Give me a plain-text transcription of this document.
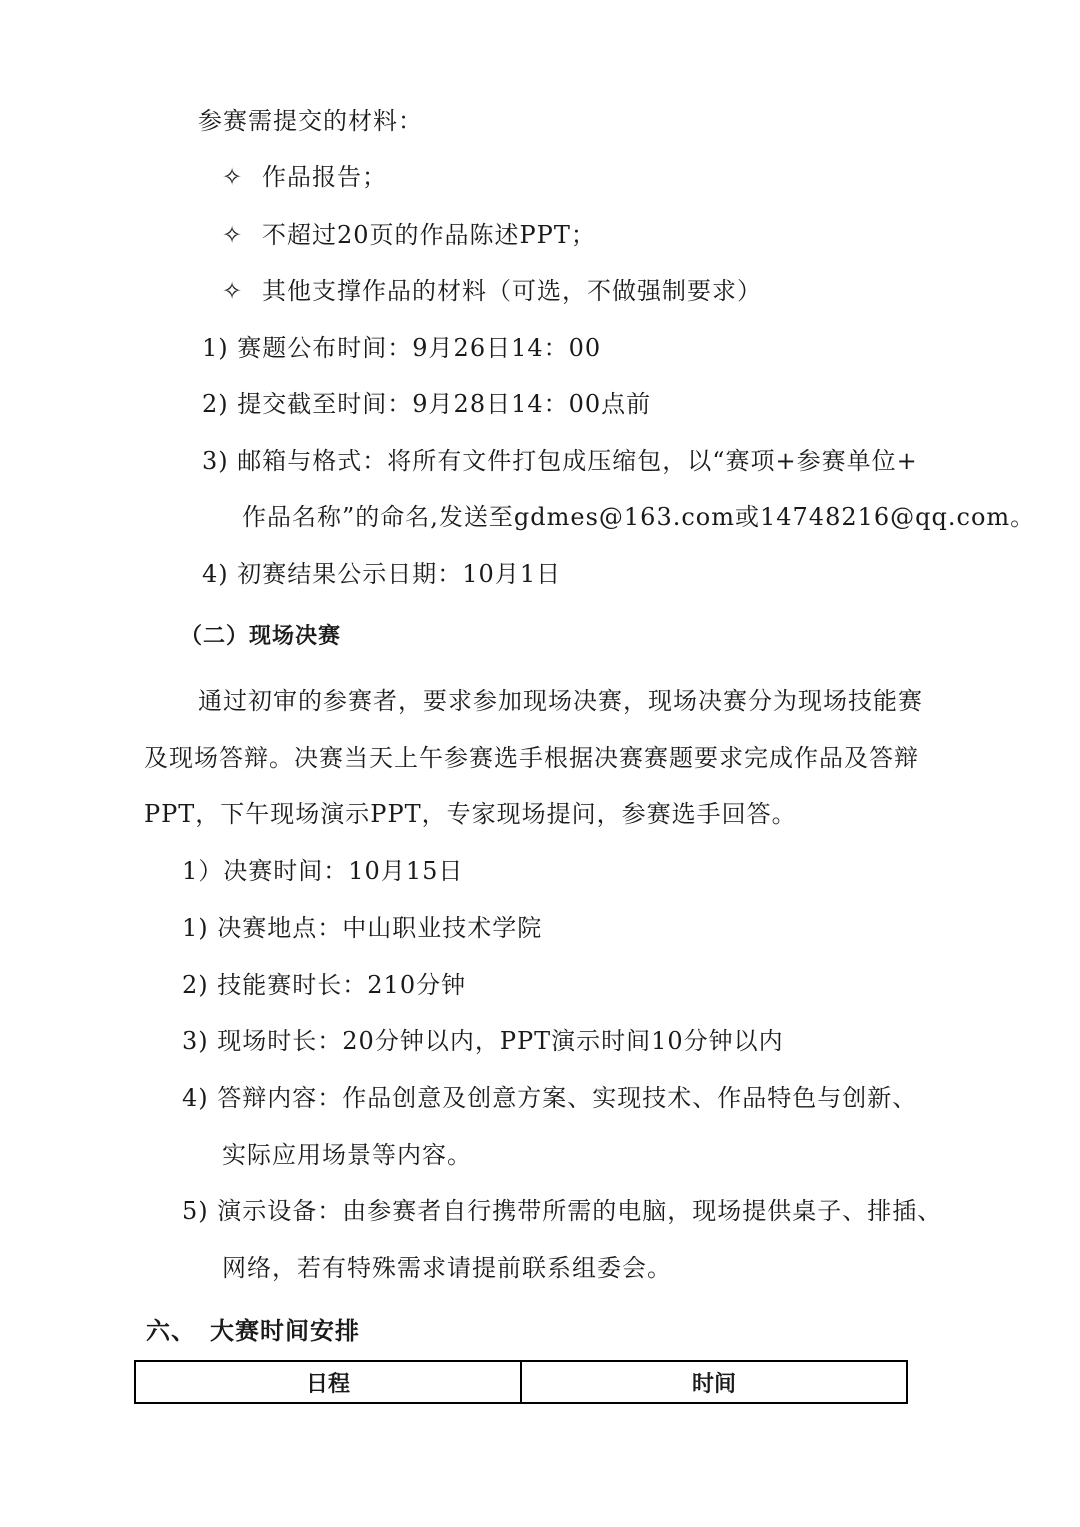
参赛需提交的材料：
✧ 作品报告；
✧ 不超过20页的作品陈述PPT；
✧ 其他支撑作品的材料（可选，不做强制要求）
1) 赛题公布时间：9月26日14：00
2) 提交截至时间：9月28日14：00点前
3) 邮箱与格式：将所有文件打包成压缩包，以“赛项+参赛单位+
作品名称”的命名,发送至gdmes@163.com或14748216@qq.com。
4) 初赛结果公示日期：10月1日
（二）现场决赛
通过初审的参赛者，要求参加现场决赛，现场决赛分为现场技能赛
及现场答辩。决赛当天上午参赛选手根据决赛赛题要求完成作品及答辩
PPT，下午现场演示PPT，专家现场提问，参赛选手回答。
1）决赛时间：10月15日
1) 决赛地点：中山职业技术学院
2) 技能赛时长：210分钟
3) 现场时长：20分钟以内，PPT演示时间10分钟以内
4) 答辩内容：作品创意及创意方案、实现技术、作品特色与创新、
实际应用场景等内容。
5) 演示设备：由参赛者自行携带所需的电脑，现场提供桌子、排插、
网络，若有特殊需求请提前联系组委会。
六、 大赛时间安排
日程	时间
